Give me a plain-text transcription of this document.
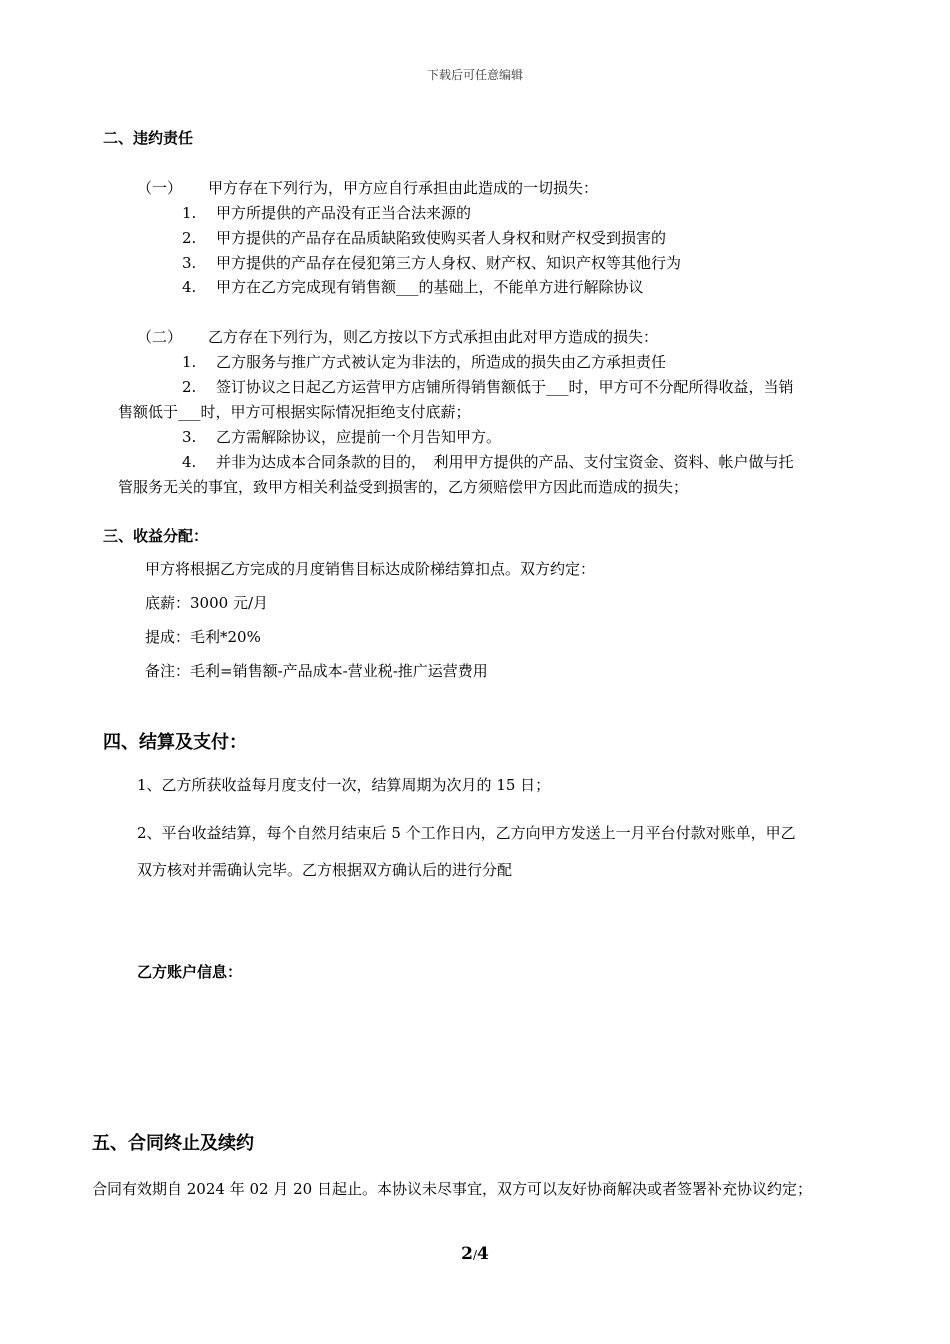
下载后可任意编辑
二、违约责任
（一） 甲方存在下列行为，甲方应自行承担由此造成的一切损失：
1. 甲方所提供的产品没有正当合法来源的
2. 甲方提供的产品存在品质缺陷致使购买者人身权和财产权受到损害的
3. 甲方提供的产品存在侵犯第三方人身权、财产权、知识产权等其他行为
4. 甲方在乙方完成现有销售额___的基础上，不能单方进行解除协议
（二） 乙方存在下列行为，则乙方按以下方式承担由此对甲方造成的损失：
1. 乙方服务与推广方式被认定为非法的，所造成的损失由乙方承担责任
2. 签订协议之日起乙方运营甲方店铺所得销售额低于___时，甲方可不分配所得收益，当销
售额低于___时，甲方可根据实际情况拒绝支付底薪；
3. 乙方需解除协议，应提前一个月告知甲方。
4. 并非为达成本合同条款的目的，　利用甲方提供的产品、支付宝资金、资料、帐户做与托
管服务无关的事宜，致甲方相关利益受到损害的，乙方须赔偿甲方因此而造成的损失；
三、收益分配：
甲方将根据乙方完成的月度销售目标达成阶梯结算扣点。双方约定：
底薪：3000 元/月
提成：毛利*20%
备注：毛利=销售额-产品成本-营业税-推广运营费用
四、结算及支付：
1、乙方所获收益每月度支付一次，结算周期为次月的 15 日；
2、平台收益结算，每个自然月结束后 5 个工作日内，乙方向甲方发送上一月平台付款对账单，甲乙
双方核对并需确认完毕。乙方根据双方确认后的进行分配
乙方账户信息：
五、合同终止及续约
合同有效期自 2024 年 02 月 20 日起止。本协议未尽事宜，双方可以友好协商解决或者签署补充协议约定；
2/4
